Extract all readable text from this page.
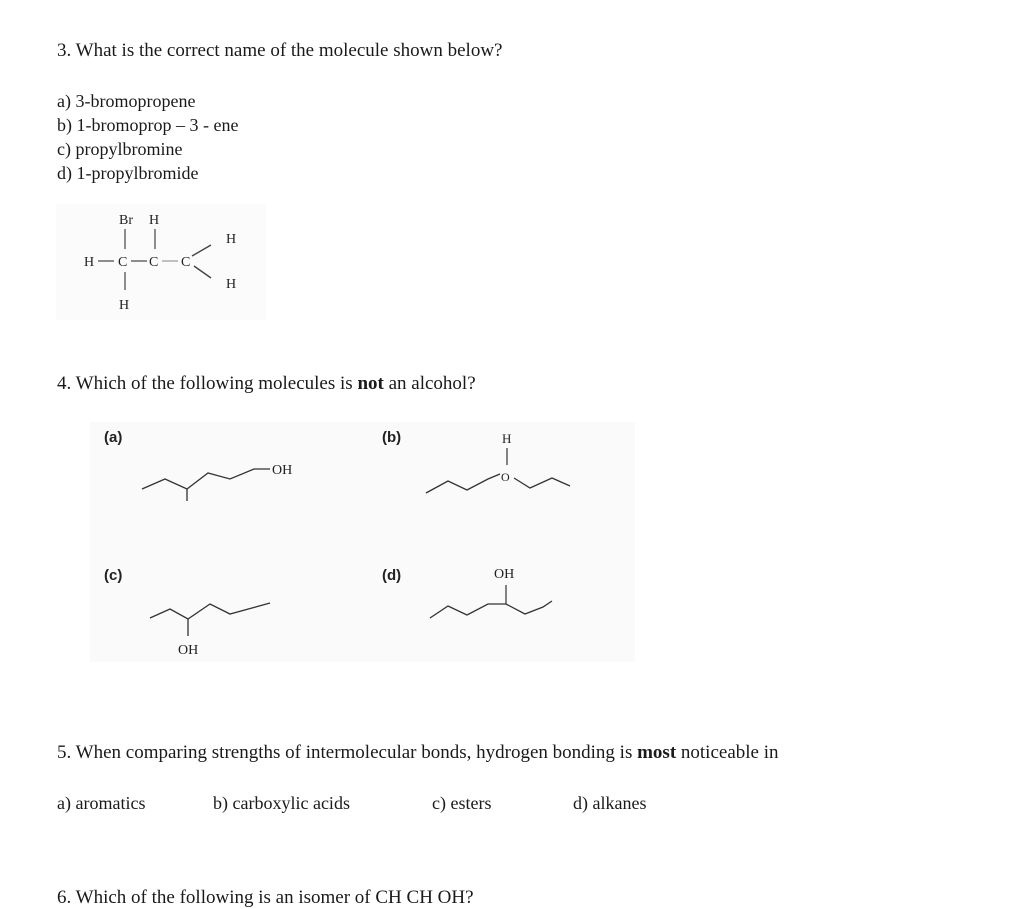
3. What is the correct name of the molecule shown below?
a) 3-bromopropene
b) 1-bromoprop – 3 - ene
c) propylbromine
d) 1-propylbromide
Br H
H C C C
H
H
H
4. Which of the following molecules is not an alcohol?
(a)
OH
(b)	H
O
(c)
OH
(d)	OH
5. When comparing strengths of intermolecular bonds, hydrogen bonding is most noticeable in
a) aromatics	b) carboxylic acids	c) esters	d) alkanes
6. Which of the following is an isomer of CH CH OH?
